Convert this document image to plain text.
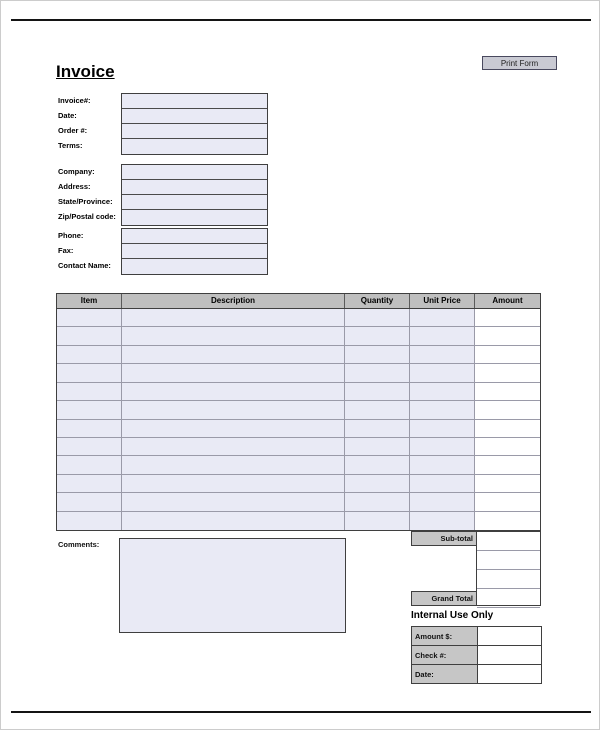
Print Form
Invoice
Invoice#:
Date:
Order #:
Terms:
Company:
Address:
State/Province:
Zip/Postal code:
Phone:
Fax:
Contact Name:
Item	Description	Quantity	Unit Price	Amount
Comments:
Sub-total
Grand Total
Internal Use Only
Amount $:	
Check #:	
Date:	
